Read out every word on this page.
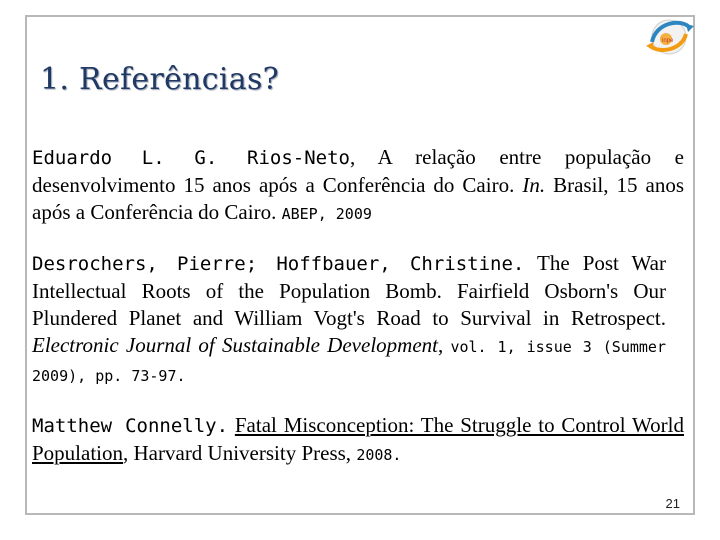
inpe
1. Referências?

Eduardo L. G. Rios-Neto, A relação entre população e desenvolvimento 15 anos após a Conferência do Cairo. In. Brasil, 15 anos após a Conferência do Cairo. ABEP, 2009

Desrochers, Pierre; Hoffbauer, Christine. The Post War Intellectual Roots of the Population Bomb. Fairfield Osborn's Our Plundered Planet and William Vogt's Road to Survival in Retrospect. Electronic Journal of Sustainable Development, vol. 1, issue 3 (Summer 2009), pp. 73-97.

Matthew Connelly. Fatal Misconception: The Struggle to Control World Population, Harvard University Press, 2008.

21
